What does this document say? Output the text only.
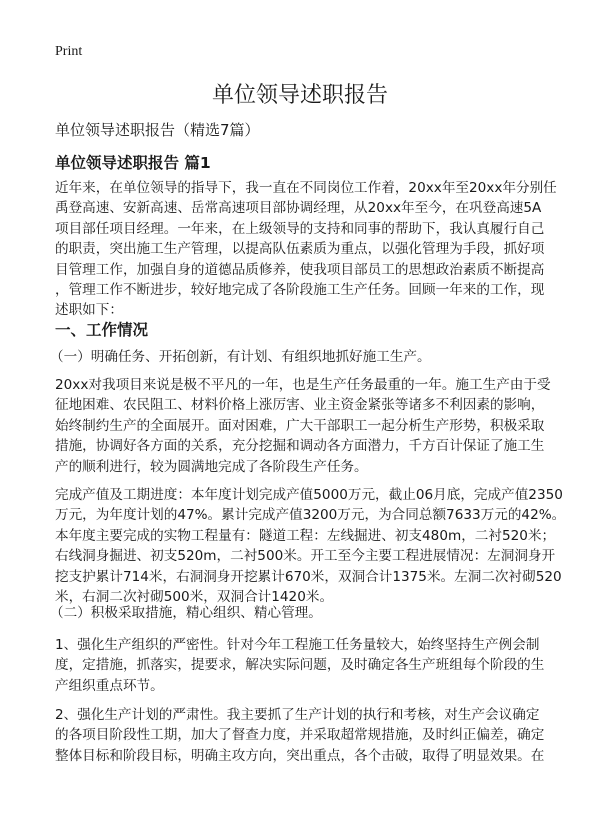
Print
单位领导述职报告
单位领导述职报告（精选7篇）
单位领导述职报告 篇1
近年来，在单位领导的指导下，我一直在不同岗位工作着，20xx年至20xx年分别任
禹登高速、安新高速、岳常高速项目部协调经理，从20xx年至今，在巩登高速5A
项目部任项目经理。一年来，在上级领导的支持和同事的帮助下，我认真履行自己
的职责，突出施工生产管理，以提高队伍素质为重点，以强化管理为手段，抓好项
目管理工作，加强自身的道德品质修养，使我项目部员工的思想政治素质不断提高
，管理工作不断进步，较好地完成了各阶段施工生产任务。回顾一年来的工作，现
述职如下：
一、工作情况
（一）明确任务、开拓创新，有计划、有组织地抓好施工生产。
20xx对我项目来说是极不平凡的一年，也是生产任务最重的一年。施工生产由于受
征地困难、农民阻工、材料价格上涨厉害、业主资金紧张等诸多不利因素的影响，
始终制约生产的全面展开。面对困难，广大干部职工一起分析生产形势，积极采取
措施，协调好各方面的关系，充分挖掘和调动各方面潜力，千方百计保证了施工生
产的顺利进行，较为圆满地完成了各阶段生产任务。
完成产值及工期进度：本年度计划完成产值5000万元，截止06月底，完成产值2350
万元，为年度计划的47%。累计完成产值3200万元，为合同总额7633万元的42%。
本年度主要完成的实物工程量有：隧道工程：左线掘进、初支480m，二衬520米；
右线洞身掘进、初支520m，二衬500米。开工至今主要工程进展情况：左洞洞身开
挖支护累计714米，右洞洞身开挖累计670米，双洞合计1375米。左洞二次衬砌520
米，右洞二次衬砌500米，双洞合计1420米。
（二）积极采取措施，精心组织、精心管理。
1、强化生产组织的严密性。针对今年工程施工任务量较大，始终坚持生产例会制
度，定措施，抓落实，提要求，解决实际问题，及时确定各生产班组每个阶段的生
产组织重点环节。
2、强化生产计划的严肃性。我主要抓了生产计划的执行和考核，对生产会议确定
的各项目阶段性工期，加大了督查力度，并采取超常规措施，及时纠正偏差，确定
整体目标和阶段目标，明确主攻方向，突出重点，各个击破，取得了明显效果。在
